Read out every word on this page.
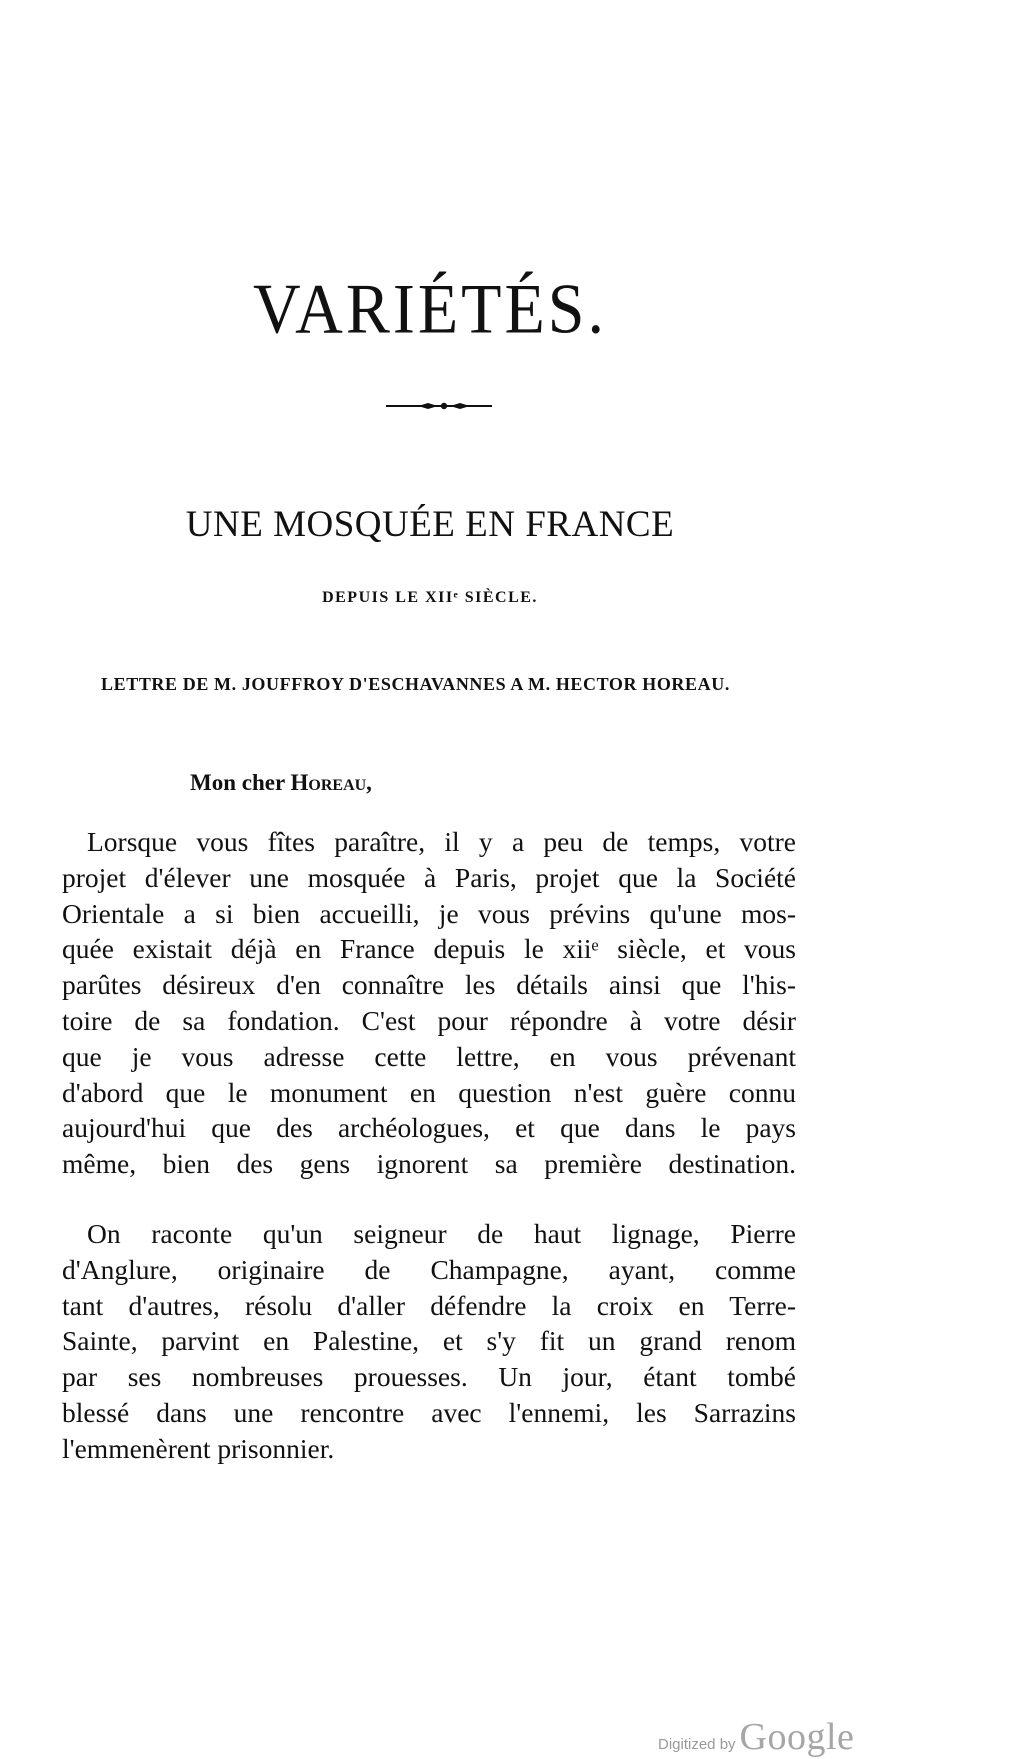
VARIÉTÉS.
UNE MOSQUÉE EN FRANCE
DEPUIS LE XIIᵉ SIÈCLE.
LETTRE DE M. JOUFFROY D'ESCHAVANNES A M. HECTOR HOREAU.
Mon cher Horeau,

Lorsque vous fîtes paraître, il y a peu de temps, votre
projet d'élever une mosquée à Paris, projet que la Société
Orientale a si bien accueilli, je vous prévins qu'une mos-
quée existait déjà en France depuis le xiiᵉ siècle, et vous
parûtes désireux d'en connaître les détails ainsi que l'his-
toire de sa fondation. C'est pour répondre à votre désir
que je vous adresse cette lettre, en vous prévenant
d'abord que le monument en question n'est guère connu
aujourd'hui que des archéologues, et que dans le pays
même, bien des gens ignorent sa première destination.

On raconte qu'un seigneur de haut lignage, Pierre
d'Anglure, originaire de Champagne, ayant, comme
tant d'autres, résolu d'aller défendre la croix en Terre-
Sainte, parvint en Palestine, et s'y fit un grand renom
par ses nombreuses prouesses. Un jour, étant tombé
blessé dans une rencontre avec l'ennemi, les Sarrazins
l'emmenèrent prisonnier.

Digitized by Google
